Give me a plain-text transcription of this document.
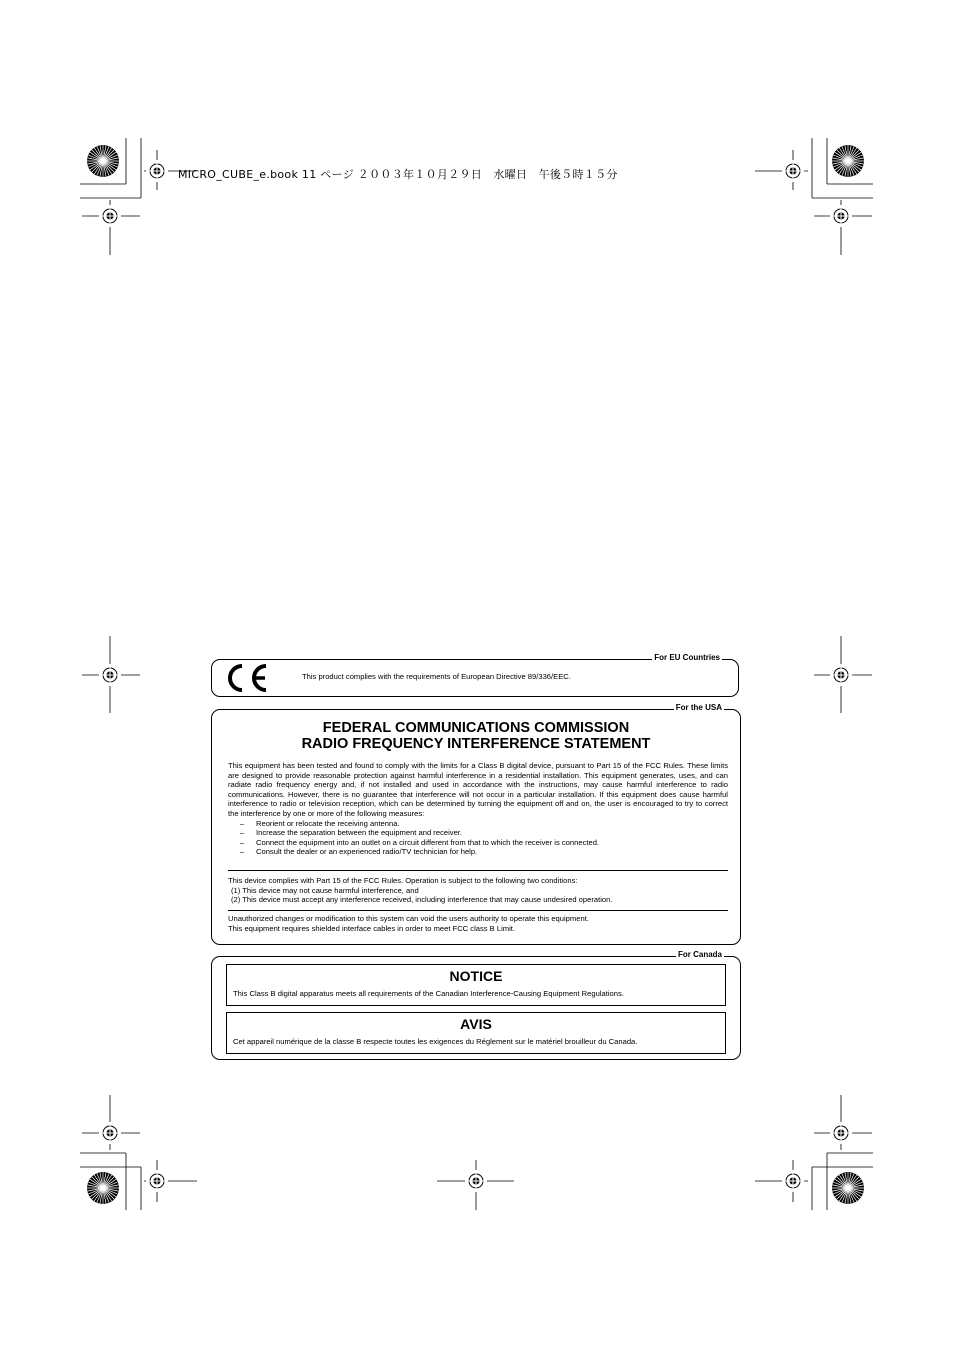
MICRO_CUBE_e.book 11 ページ ２００３年１０月２９日　水曜日　午後５時１５分
For EU Countries
This product complies with the requirements of European Directive 89/336/EEC.
For the USA
FEDERAL COMMUNICATIONS COMMISSION
RADIO FREQUENCY INTERFERENCE STATEMENT
This equipment has been tested and found to comply with the limits for a Class B digital device, pursuant to Part 15 of the FCC Rules. These limits are designed to provide reasonable protection against harmful interference in a residential installation. This equipment generates, uses, and can radiate radio frequency energy and, if not installed and used in accordance with the instructions, may cause harmful interference to radio communications. However, there is no guarantee that interference will not occur in a particular installation. If this equipment does cause harmful interference to radio or television reception, which can be determined by turning the equipment off and on, the user is encouraged to try to correct the interference by one or more of the following measures:
–	Reorient or relocate the receiving antenna.
–	Increase the separation between the equipment and receiver.
–	Connect the equipment into an outlet on a circuit different from that to which the receiver is connected.
–	Consult the dealer or an experienced radio/TV technician for help.
This device complies with Part 15 of the FCC Rules. Operation is subject to the following two conditions:
(1) This device may not cause harmful interference, and
(2) This device must accept any interference received, including interference that may cause undesired operation.
Unauthorized changes or modification to this system can void the users authority to operate this equipment.
This equipment requires shielded interface cables in order to meet FCC class B Limit.
For Canada
NOTICE
This Class B digital apparatus meets all requirements of the Canadian Interference-Causing Equipment Regulations.
AVIS
Cet appareil numérique de la classe B respecte toutes les exigences du Réglement sur le matériel brouilleur du Canada.
